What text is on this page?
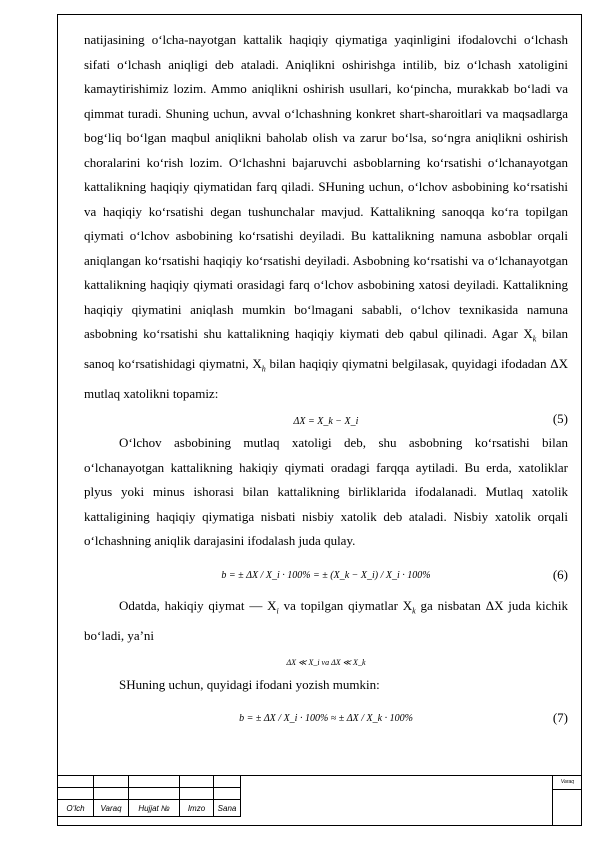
natijasining o‘lcha-nayotgan kattalik haqiqiy qiymatiga yaqinligini ifodalovchi o‘lchash sifati o‘lchash aniqligi deb ataladi. Aniqlikni oshirishga intilib, biz o‘lchash xatoligini kamaytirishimiz lozim. Ammo aniqlikni oshirish usullari, ko‘pincha, murakkab bo‘ladi va qimmat turadi. Shuning uchun, avval o‘lchashning konkret shart-sharoitlari va maqsadlarga bog‘liq bo‘lgan maqbul aniqlikni baholab olish va zarur bo‘lsa, so‘ngra aniqlikni oshirish choralarini ko‘rish lozim. O‘lchashni bajaruvchi asboblarning ko‘rsatishi o‘lchanayotgan kattalikning haqiqiy qiymatidan farq qiladi. SHuning uchun, o‘lchov asbobining ko‘rsatishi va haqiqiy ko‘rsatishi degan tushunchalar mavjud. Kattalikning sanoqqa ko‘ra topilgan qiymati o‘lchov asbobining ko‘rsatishi deyiladi. Bu kattalikning namuna asboblar orqali aniqlangan ko‘rsatishi haqiqiy ko‘rsatishi deyiladi. Asbobning ko‘rsatishi va o‘lchanayotgan kattalikning haqiqiy qiymati orasidagi farq o‘lchov asbobining xatosi deyiladi. Kattalikning haqiqiy qiymatini aniqlash mumkin bo‘lmagani sababli, o‘lchov texnikasida namuna asbobning ko‘rsatishi shu kattalikning haqiqiy kiymati deb qabul qilinadi. Agar $X_k$ bilan sanoq ko‘rsatishidagi qiymatni, $X_h$ bilan haqiqiy qiymatni belgilasak, quyidagi ifodadan ΔX mutlaq xatolikni topamiz:

ΔX = X_k − X_i	(5)

O‘lchov asbobining mutlaq xatoligi deb, shu asbobning ko‘rsatishi bilan o‘lchanayotgan kattalikning hakiqiy qiymati oradagi farqqa aytiladi. Bu erda, xatoliklar plyus yoki minus ishorasi bilan kattalikning birliklarida ifodalanadi. Mutlaq xatolik kattaligining haqiqiy qiymatiga nisbati nisbiy xatolik deb ataladi. Nisbiy xatolik orqali o‘lchashning aniqlik darajasini ifodalash juda qulay.

b = ± ΔX / X_i · 100% = ± (X_k − X_i) / X_i · 100%	(6)

Odatda, hakiqiy qiymat — $X_i$ va topilgan qiymatlar $X_k$ ga nisbatan ΔX juda kichik bo‘ladi, ya’ni

ΔX ≪ X_i va ΔX ≪ X_k

SHuning uchun, quyidagi ifodani yozish mumkin:

b = ± ΔX / X_i · 100% ≈ ± ΔX / X_k · 100%	(7)

O‘lch	Varaq	Hujjat №	Imzo	Sana
Varaq
